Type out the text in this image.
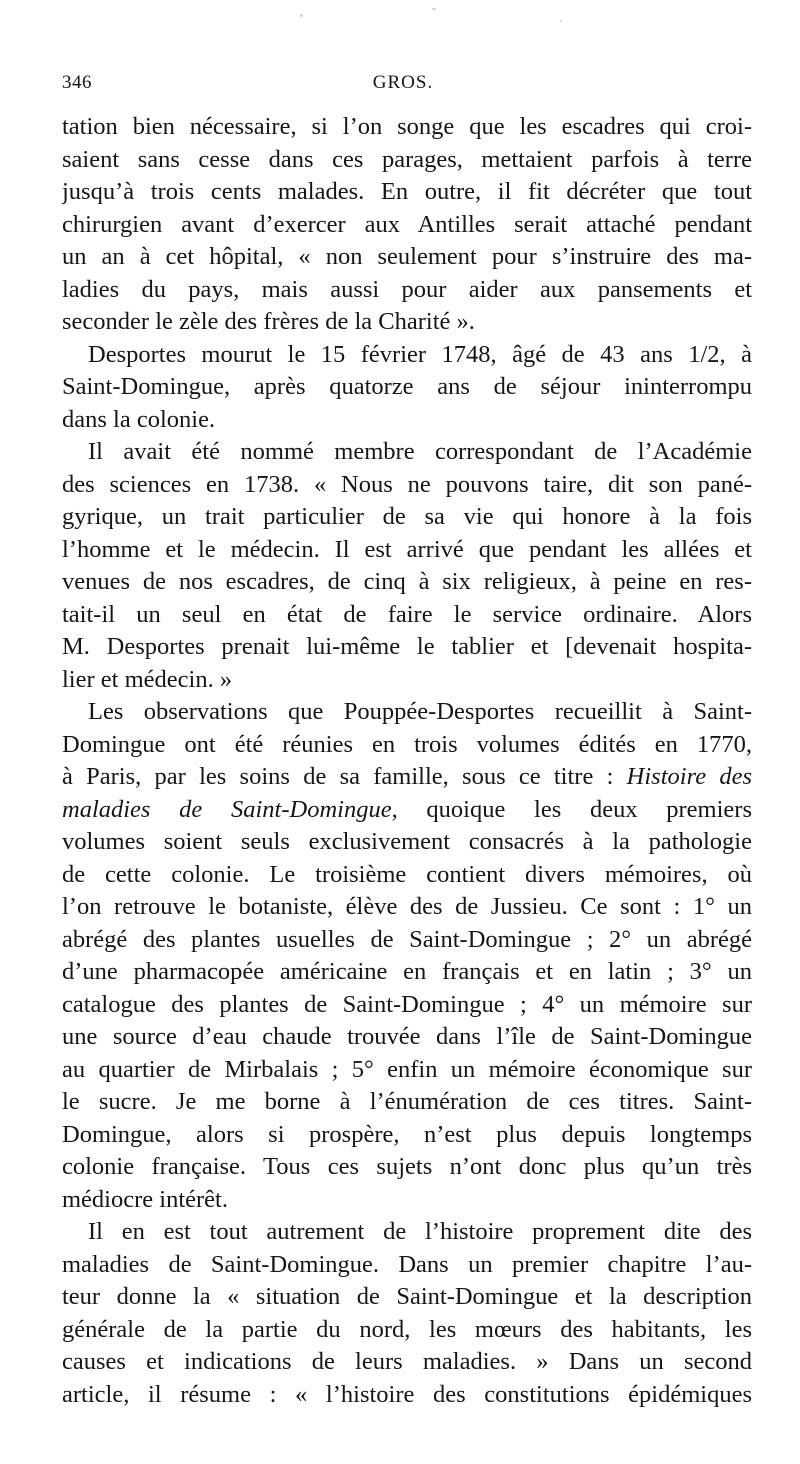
346	GROS.
tation bien nécessaire, si l’on songe que les escadres qui croi-
saient sans cesse dans ces parages, mettaient parfois à terre
jusqu’à trois cents malades. En outre, il fit décréter que tout
chirurgien avant d’exercer aux Antilles serait attaché pendant
un an à cet hôpital, « non seulement pour s’instruire des ma-
ladies du pays, mais aussi pour aider aux pansements et
seconder le zèle des frères de la Charité ».
Desportes mourut le 15 février 1748, âgé de 43 ans 1/2, à
Saint-Domingue, après quatorze ans de séjour ininterrompu
dans la colonie.
Il avait été nommé membre correspondant de l’Académie
des sciences en 1738. « Nous ne pouvons taire, dit son pané-
gyrique, un trait particulier de sa vie qui honore à la fois
l’homme et le médecin. Il est arrivé que pendant les allées et
venues de nos escadres, de cinq à six religieux, à peine en res-
tait-il un seul en état de faire le service ordinaire. Alors
M. Desportes prenait lui-même le tablier et [devenait hospita-
lier et médecin. »
Les observations que Pouppée-Desportes recueillit à Saint-
Domingue ont été réunies en trois volumes édités en 1770,
à Paris, par les soins de sa famille, sous ce titre : Histoire des
maladies de Saint-Domingue, quoique les deux premiers
volumes soient seuls exclusivement consacrés à la pathologie
de cette colonie. Le troisième contient divers mémoires, où
l’on retrouve le botaniste, élève des de Jussieu. Ce sont : 1° un
abrégé des plantes usuelles de Saint-Domingue ; 2° un abrégé
d’une pharmacopée américaine en français et en latin ; 3° un
catalogue des plantes de Saint-Domingue ; 4° un mémoire sur
une source d’eau chaude trouvée dans l’île de Saint-Domingue
au quartier de Mirbalais ; 5° enfin un mémoire économique sur
le sucre. Je me borne à l’énumération de ces titres. Saint-
Domingue, alors si prospère, n’est plus depuis longtemps
colonie française. Tous ces sujets n’ont donc plus qu’un très
médiocre intérêt.
Il en est tout autrement de l’histoire proprement dite des
maladies de Saint-Domingue. Dans un premier chapitre l’au-
teur donne la « situation de Saint-Domingue et la description
générale de la partie du nord, les mœurs des habitants, les
causes et indications de leurs maladies. » Dans un second
article, il résume : « l’histoire des constitutions épidémiques
